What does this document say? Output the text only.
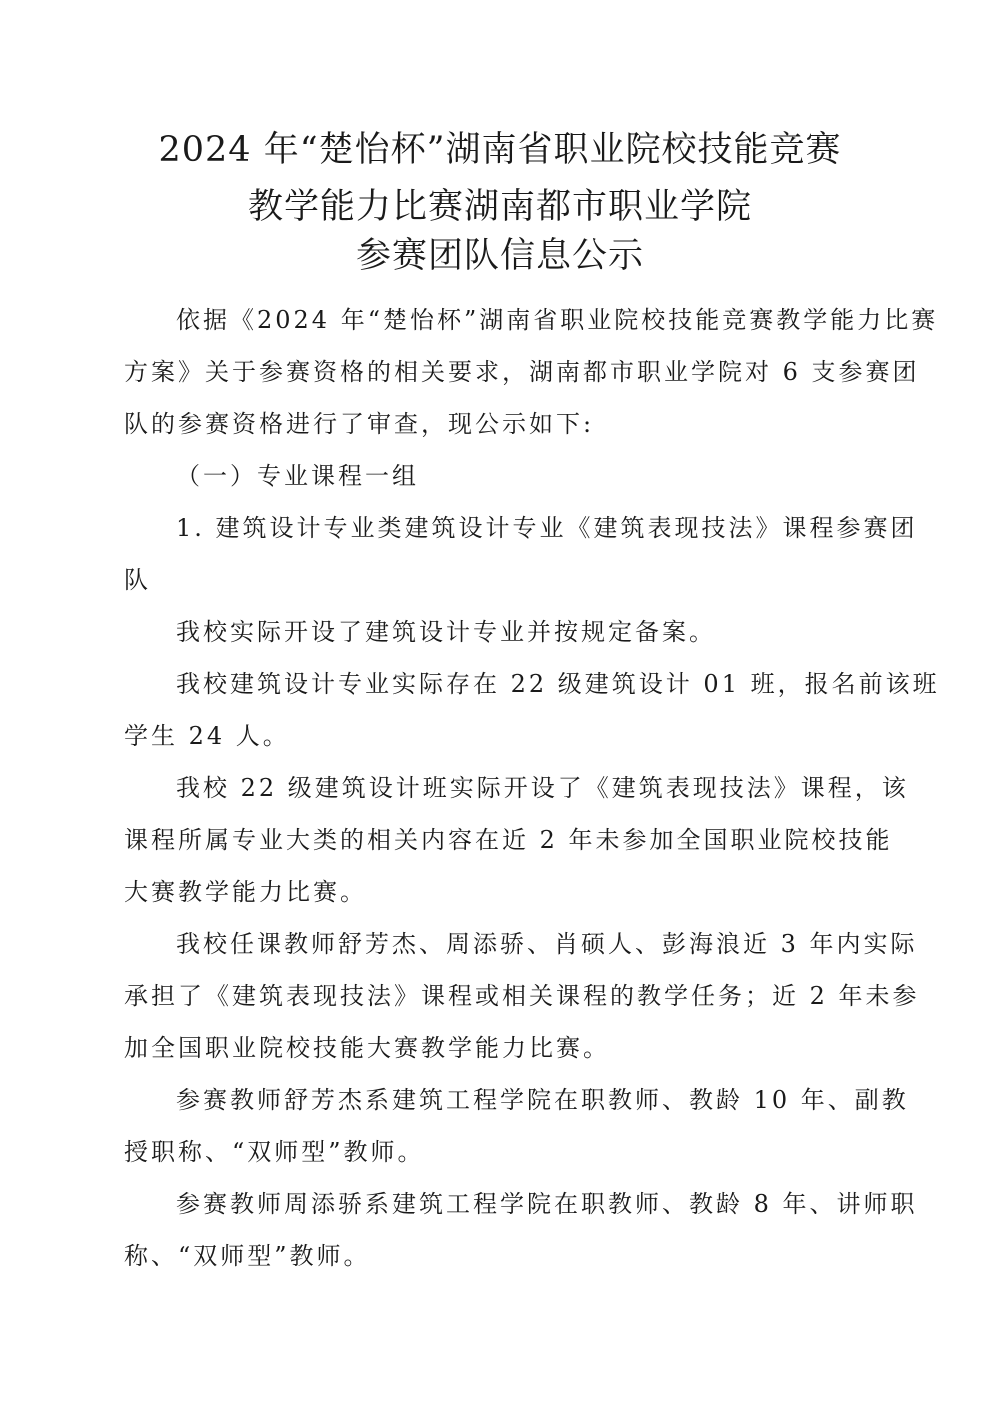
2024 年“楚怡杯”湖南省职业院校技能竞赛
教学能力比赛湖南都市职业学院
参赛团队信息公示
依据《2024 年“楚怡杯”湖南省职业院校技能竞赛教学能力比赛
方案》关于参赛资格的相关要求，湖南都市职业学院对 6 支参赛团
队的参赛资格进行了审查，现公示如下:
（一）专业课程一组
1. 建筑设计专业类建筑设计专业《建筑表现技法》课程参赛团
队
我校实际开设了建筑设计专业并按规定备案。
我校建筑设计专业实际存在 22 级建筑设计 01 班，报名前该班
学生 24 人。
我校 22 级建筑设计班实际开设了《建筑表现技法》课程，该
课程所属专业大类的相关内容在近 2 年未参加全国职业院校技能
大赛教学能力比赛。
我校任课教师舒芳杰、周添骄、肖硕人、彭海浪近 3 年内实际
承担了《建筑表现技法》课程或相关课程的教学任务；近 2 年未参
加全国职业院校技能大赛教学能力比赛。
参赛教师舒芳杰系建筑工程学院在职教师、教龄 10 年、副教
授职称、“双师型”教师。
参赛教师周添骄系建筑工程学院在职教师、教龄 8 年、讲师职
称、“双师型”教师。
